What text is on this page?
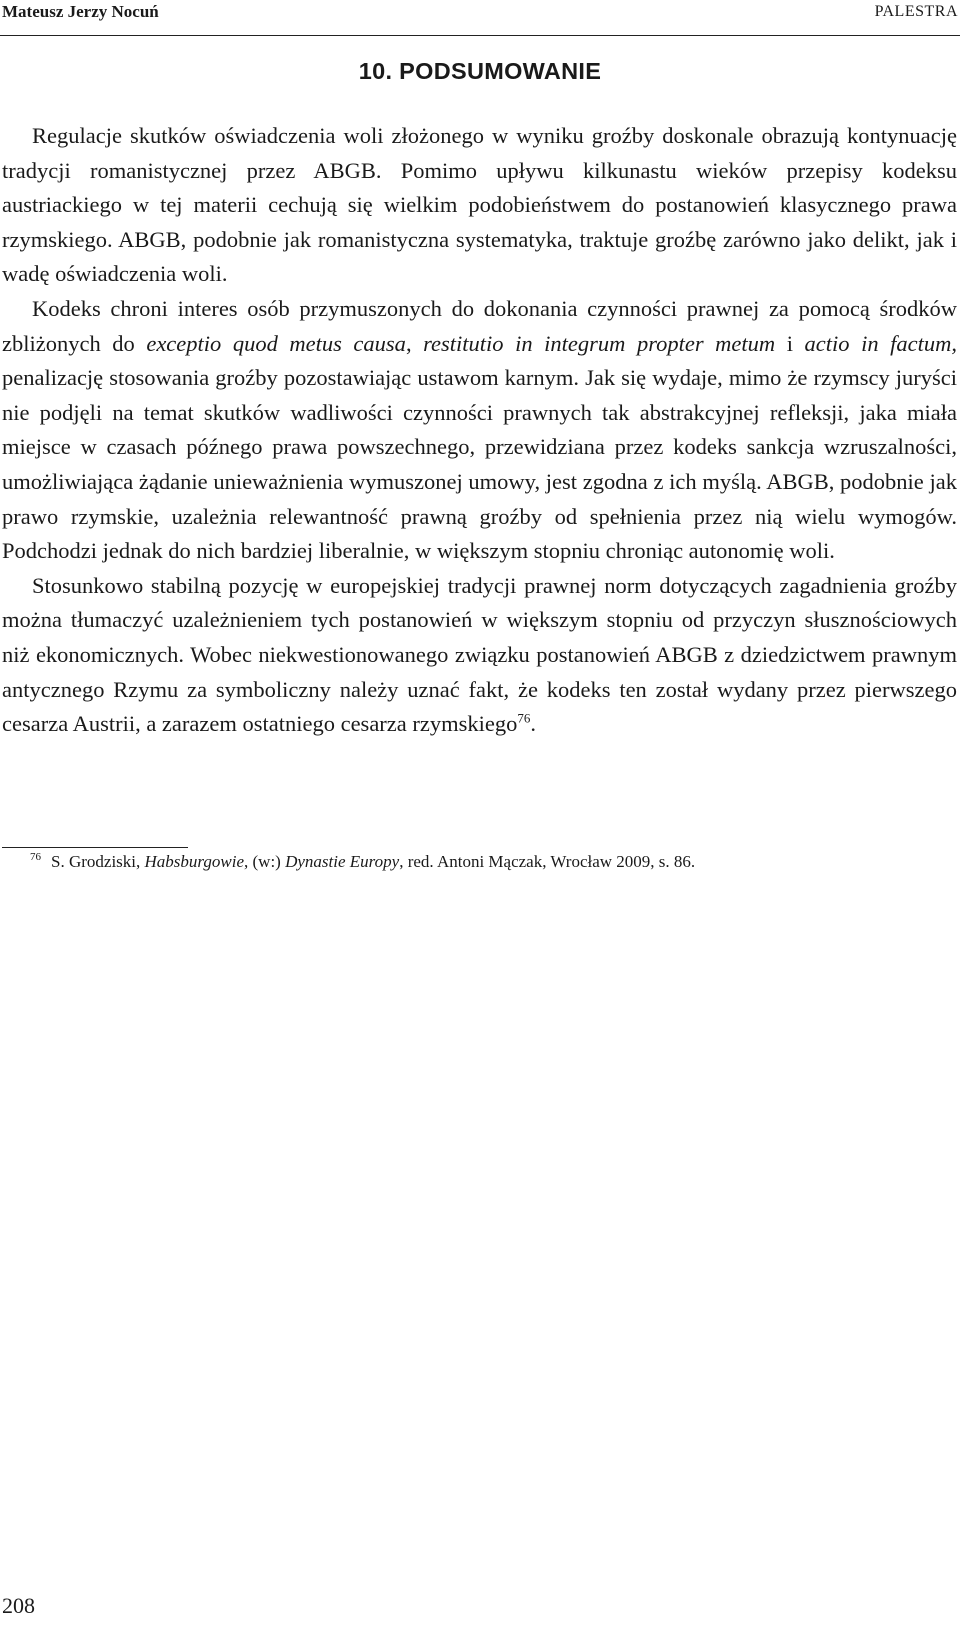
Mateusz Jerzy Nocuń	PALESTRA
10. PODSUMOWANIE

Regulacje skutków oświadczenia woli złożonego w wyniku groźby doskonale obrazują kontynuację tradycji romanistycznej przez ABGB. Pomimo upływu kilkunastu wieków przepisy kodeksu austriackiego w tej materii cechują się wielkim podobieństwem do postanowień klasycznego prawa rzymskiego. ABGB, podobnie jak romanistyczna systematyka, traktuje groźbę zarówno jako delikt, jak i wadę oświadczenia woli.

Kodeks chroni interes osób przymuszonych do dokonania czynności prawnej za pomocą środków zbliżonych do exceptio quod metus causa, restitutio in integrum propter metum i actio in factum, penalizację stosowania groźby pozostawiając ustawom karnym. Jak się wydaje, mimo że rzymscy juryści nie podjęli na temat skutków wadliwości czynności prawnych tak abstrakcyjnej refleksji, jaka miała miejsce w czasach późnego prawa powszechnego, przewidziana przez kodeks sankcja wzruszalności, umożliwiająca żądanie unieważnienia wymuszonej umowy, jest zgodna z ich myślą. ABGB, podobnie jak prawo rzymskie, uzależnia relewantność prawną groźby od spełnienia przez nią wielu wymogów. Podchodzi jednak do nich bardziej liberalnie, w większym stopniu chroniąc autonomię woli.

Stosunkowo stabilną pozycję w europejskiej tradycji prawnej norm dotyczących zagadnienia groźby można tłumaczyć uzależnieniem tych postanowień w większym stopniu od przyczyn słusznościowych niż ekonomicznych. Wobec niekwestionowanego związku postanowień ABGB z dziedzictwem prawnym antycznego Rzymu za symboliczny należy uznać fakt, że kodeks ten został wydany przez pierwszego cesarza Austrii, a zarazem ostatniego cesarza rzymskiego$^{76}$.

$^{76}$ S. Grodziski, Habsburgowie, (w:) Dynastie Europy, red. Antoni Mączak, Wrocław 2009, s. 86.
208
